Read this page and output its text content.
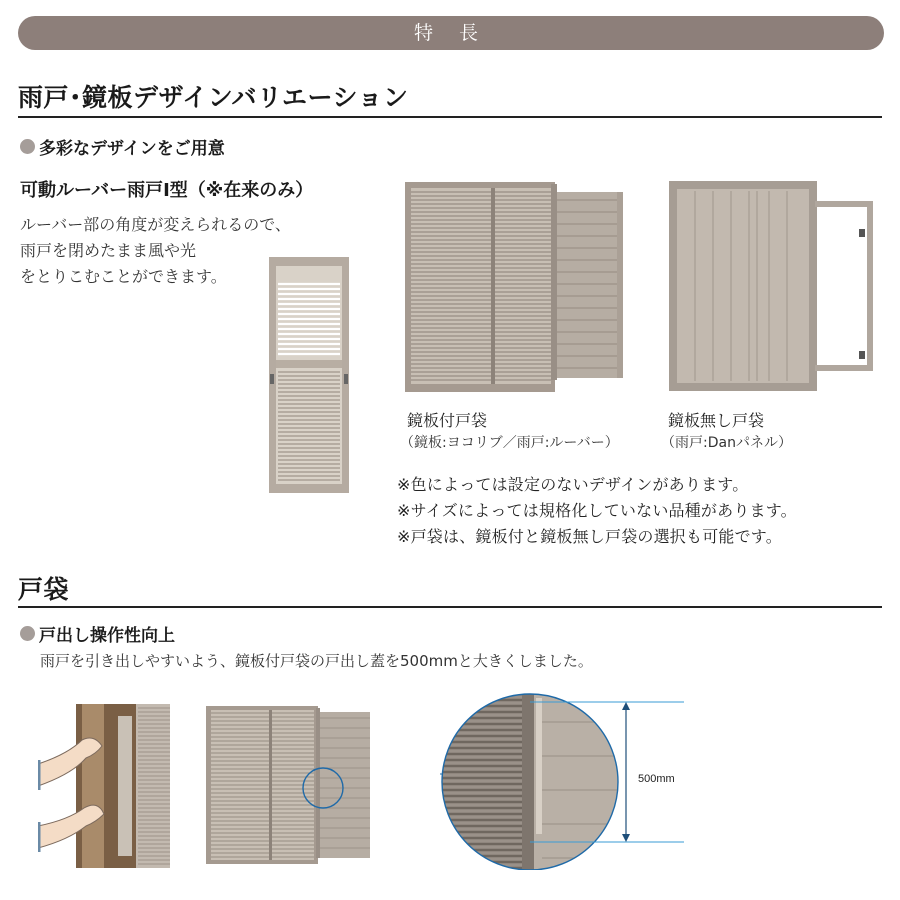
特 長
雨戸･鏡板デザインバリエーション
多彩なデザインをご用意
可動ルーバー雨戸I型（※在来のみ）
ルーバー部の角度が変えられるので、
雨戸を閉めたまま風や光
をとりこむことができます。
鏡板付戸袋
（鏡板:ヨコリブ／雨戸:ルーバー）
鏡板無し戸袋
（雨戸:Danパネル）
※色によっては設定のないデザインがあります。
※サイズによっては規格化していない品種があります。
※戸袋は、鏡板付と鏡板無し戸袋の選択も可能です。
戸袋
戸出し操作性向上
雨戸を引き出しやすいよう、鏡板付戸袋の戸出し蓋を500mmと大きくしました。
500mm
